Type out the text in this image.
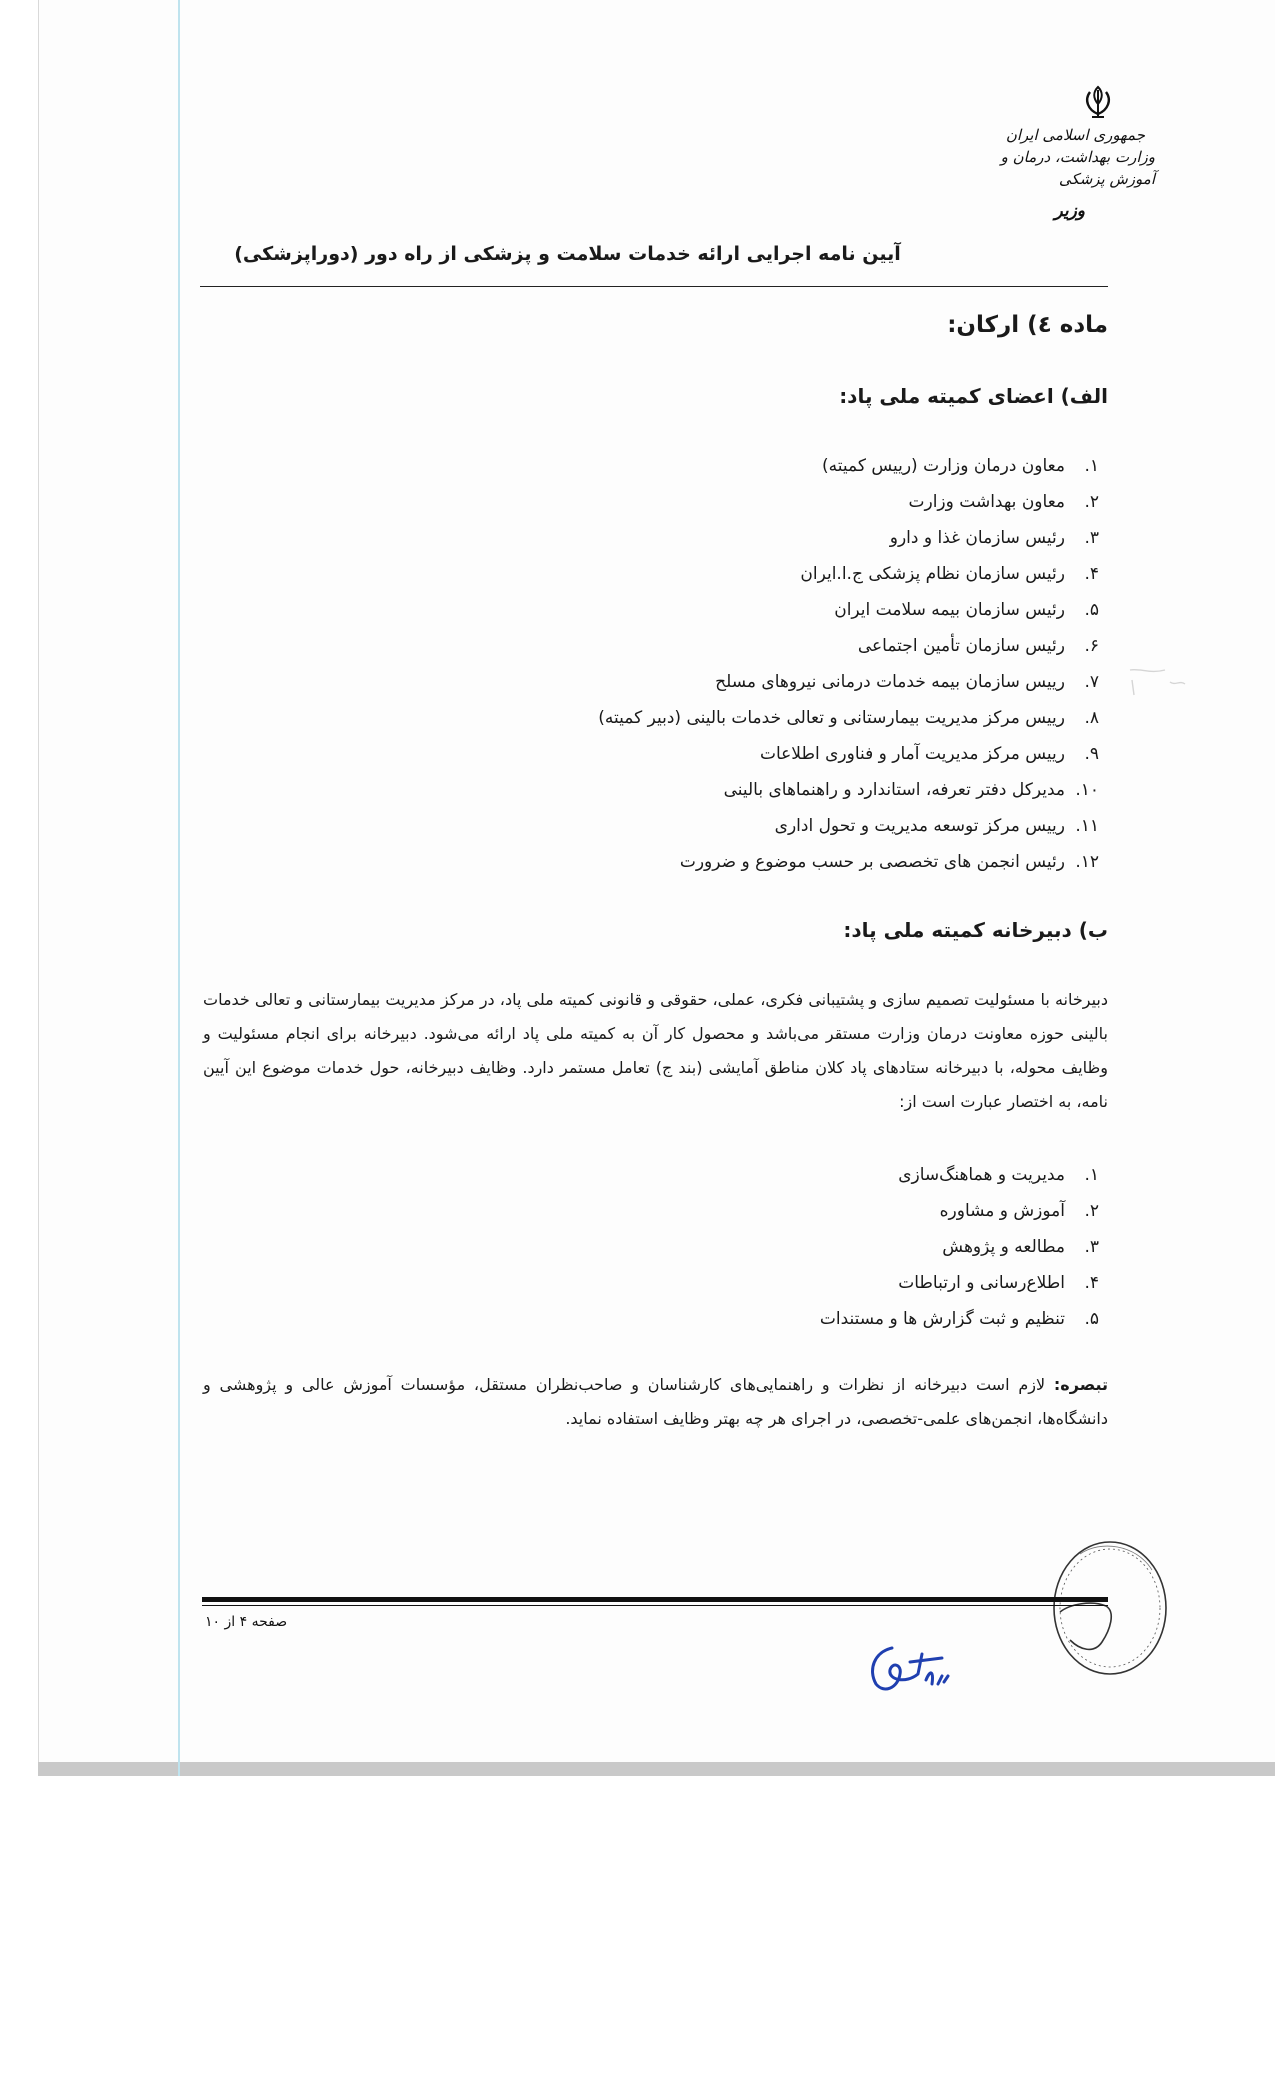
جمهوری اسلامی ایران
وزارت بهداشت، درمان و آموزش پزشکی
وزیر
آیین نامه اجرایی ارائه خدمات سلامت و پزشکی از راه دور (دوراپزشکی)
ماده ٤) ارکان:
الف) اعضای کمیته ملی پاد:
۱.معاون درمان وزارت (رییس کمیته)
۲.معاون بهداشت وزارت
۳.رئیس سازمان غذا و دارو
۴.رئیس سازمان نظام پزشکی ج.ا.ایران
۵.رئیس سازمان بیمه سلامت ایران
۶.رئیس سازمان تأمین اجتماعی
۷.رییس سازمان بیمه خدمات درمانی نیروهای مسلح
۸.رییس مرکز مدیریت بیمارستانی و تعالی خدمات بالینی (دبیر کمیته)
۹.رییس مرکز مدیریت آمار و فناوری اطلاعات
۱۰.مدیرکل دفتر تعرفه، استاندارد و راهنماهای بالینی
۱۱.رییس مرکز توسعه مدیریت و تحول اداری
۱۲.رئیس انجمن های تخصصی بر حسب موضوع و ضرورت
ب) دبیرخانه کمیته ملی پاد:
دبیرخانه با مسئولیت تصمیم سازی و پشتیبانی فکری، عملی، حقوقی و قانونی کمیته ملی پاد، در مرکز مدیریت بیمارستانی و تعالی خدمات بالینی حوزه معاونت درمان وزارت مستقر می‌باشد و محصول کار آن به کمیته ملی پاد ارائه می‌شود. دبیرخانه برای انجام مسئولیت و وظایف محوله، با دبیرخانه ستادهای پاد کلان مناطق آمایشی (بند ج) تعامل مستمر دارد. وظایف دبیرخانه، حول خدمات موضوع این آیین نامه، به اختصار عبارت است از:
۱.مدیریت و هماهنگ‌سازی
۲.آموزش و مشاوره
۳.مطالعه و پژوهش
۴.اطلاع‌رسانی و ارتباطات
۵.تنظیم و ثبت گزارش ها و مستندات
تبصره: لازم است دبیرخانه از نظرات و راهنمایی‌های کارشناسان و صاحب‌نظران مستقل، مؤسسات آموزش عالی و پژوهشی و دانشگاه‌ها، انجمن‌های علمی-تخصصی، در اجرای هر چه بهتر وظایف استفاده نماید.
صفحه ۴ از ۱۰
